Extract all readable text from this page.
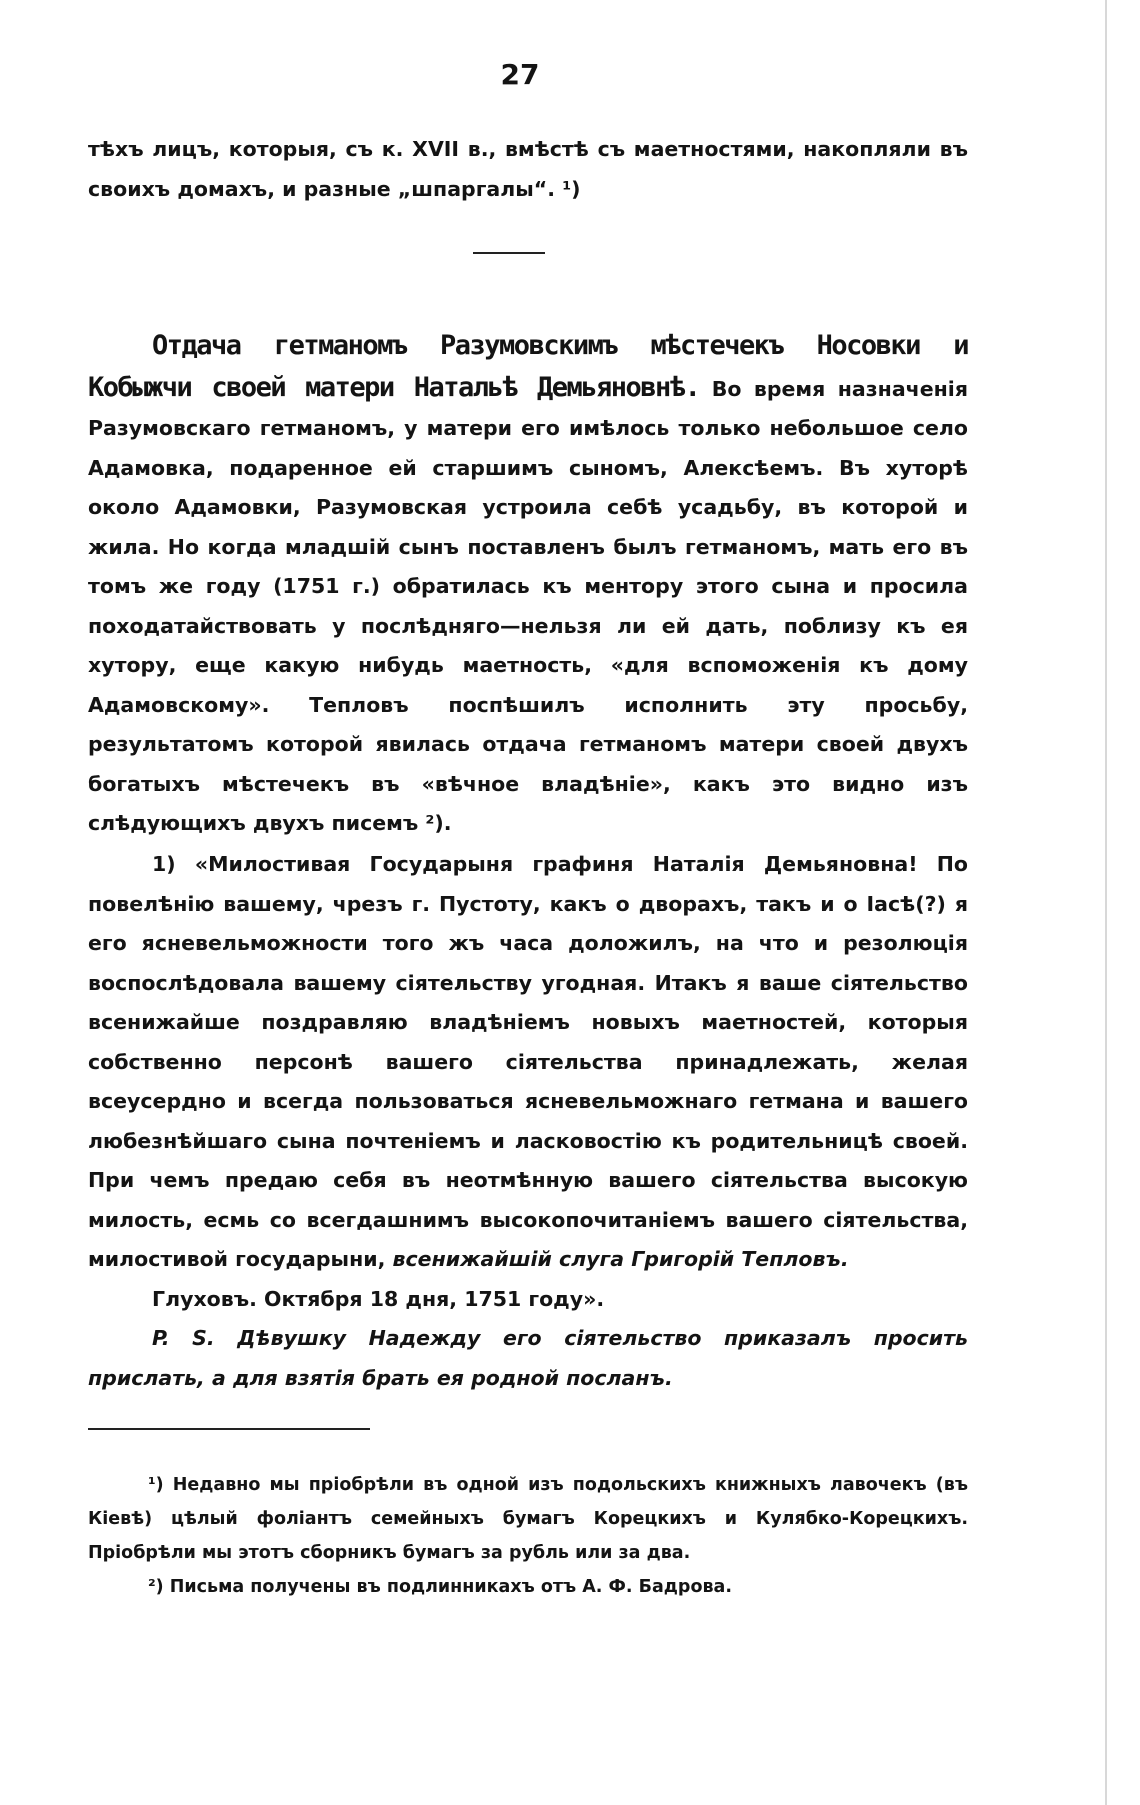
27
тѣхъ лицъ, которыя, съ к. XVII в., вмѣстѣ съ маетностями, накопляли въ своихъ домахъ, и разные „шпаргалы“. ¹)
Отдача гетманомъ Разумовскимъ мѣстечекъ Носовки и Кобыжчи своей матери Натальѣ Демьяновнѣ. Во время назначенія Разумовскаго гетманомъ, у матери его имѣлось только небольшое село Адамовка, подаренное ей старшимъ сыномъ, Алексѣемъ. Въ хуторѣ около Адамовки, Разумовская устроила себѣ усадьбу, въ которой и жила. Но когда младшій сынъ поставленъ былъ гетманомъ, мать его въ томъ же году (1751 г.) обратилась къ ментору этого сына и просила походатайствовать у послѣдняго—нельзя ли ей дать, поблизу къ ея хутору, еще какую нибудь маетность, «для вспоможенія къ дому Адамовскому». Тепловъ поспѣшилъ исполнить эту просьбу, результатомъ которой явилась отдача гетманомъ матери своей двухъ богатыхъ мѣстечекъ въ «вѣчное владѣніе», какъ это видно изъ слѣдующихъ двухъ писемъ ²).

1) «Милостивая Государыня графиня Наталія Демьяновна! По повелѣнію вашему, чрезъ г. Пустоту, какъ о дворахъ, такъ и о Іасѣ(?) я его ясневельможности того жъ часа доложилъ, на что и резолюція воспослѣдовала вашему сіятельству угодная. Итакъ я ваше сіятельство всенижайше поздравляю владѣніемъ новыхъ маетностей, которыя собственно персонѣ вашего сіятельства принадлежать, желая всеусердно и всегда пользоваться ясневельможнаго гетмана и вашего любезнѣйшаго сына почтеніемъ и ласковостію къ родительницѣ своей. При чемъ предаю себя въ неотмѣнную вашего сіятельства высокую милость, есмь со всегдашнимъ высокопочитаніемъ вашего сіятельства, милостивой государыни, всенижайшій слуга Григорій Тепловъ.

Глуховъ. Октября 18 дня, 1751 году».

P. S. Дѣвушку Надежду его сіятельство приказалъ просить прислать, а для взятія брать ея родной посланъ.

¹) Недавно мы пріобрѣли въ одной изъ подольскихъ книжныхъ лавочекъ (въ Кіевѣ) цѣлый фоліантъ семейныхъ бумагъ Корецкихъ и Кулябко-Корецкихъ. Пріобрѣли мы этотъ сборникъ бумагъ за рубль или за два.

²) Письма получены въ подлинникахъ отъ А. Ф. Бадрова.
